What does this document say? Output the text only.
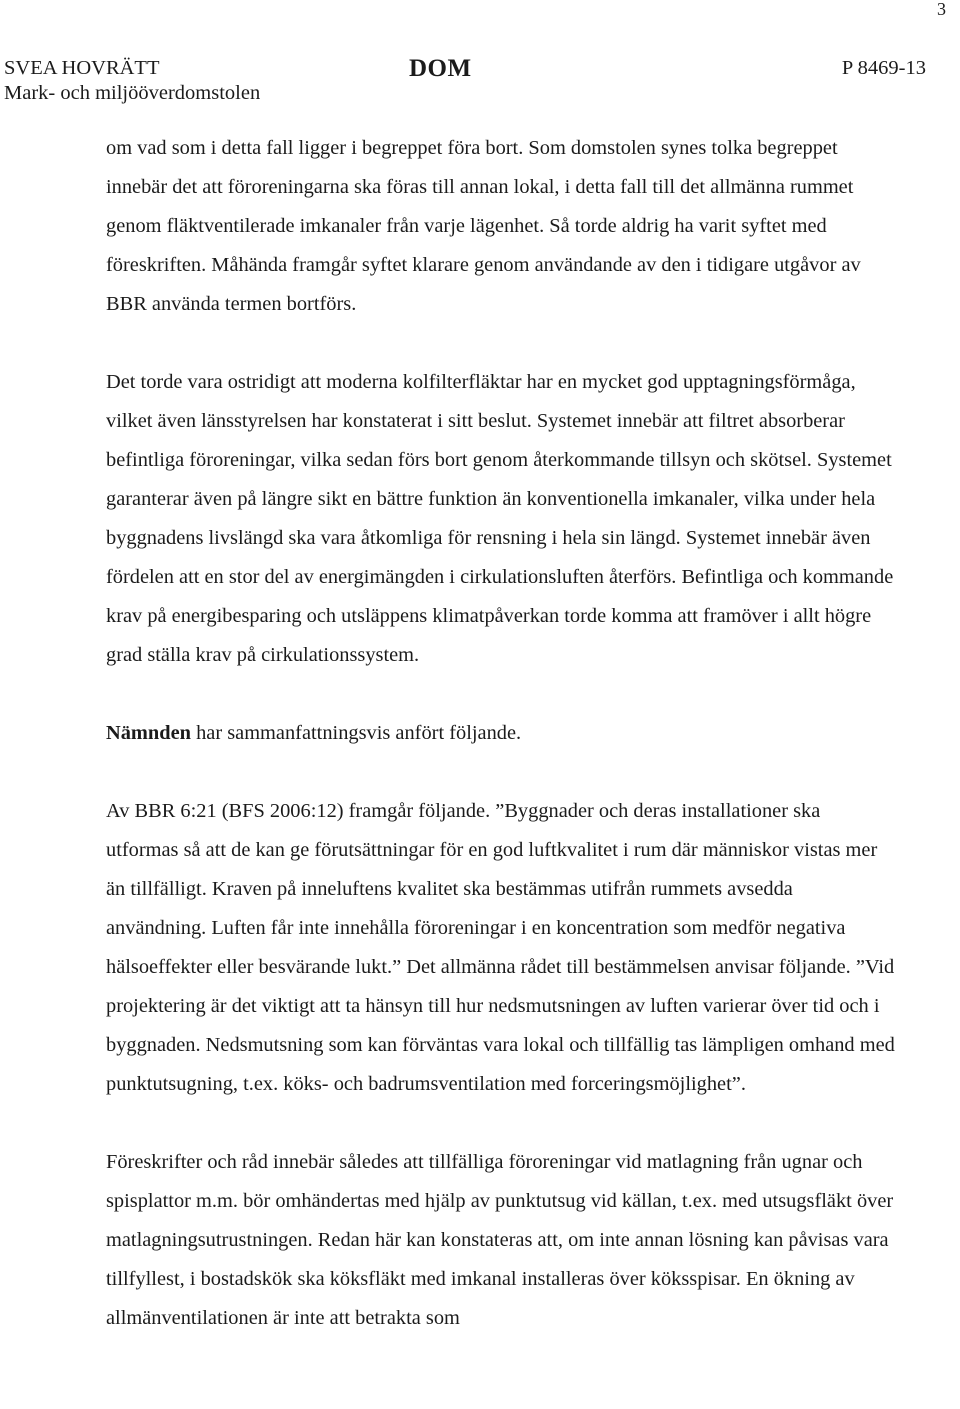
3
SVEA HOVRÄTT
Mark- och miljööverdomstolen
DOM	P 8469-13

om vad som i detta fall ligger i begreppet föra bort. Som domstolen synes tolka begreppet innebär det att föroreningarna ska föras till annan lokal, i detta fall till det allmänna rummet genom fläktventilerade imkanaler från varje lägenhet. Så torde aldrig ha varit syftet med föreskriften. Måhända framgår syftet klarare genom användande av den i tidigare utgåvor av BBR använda termen bortförs.

Det torde vara ostridigt att moderna kolfilterfläktar har en mycket god upptagningsförmåga, vilket även länsstyrelsen har konstaterat i sitt beslut. Systemet innebär att filtret absorberar befintliga föroreningar, vilka sedan förs bort genom återkommande tillsyn och skötsel. Systemet garanterar även på längre sikt en bättre funktion än konventionella imkanaler, vilka under hela byggnadens livslängd ska vara åtkomliga för rensning i hela sin längd. Systemet innebär även fördelen att en stor del av energimängden i cirkulationsluften återförs. Befintliga och kommande krav på energibesparing och utsläppens klimatpåverkan torde komma att framöver i allt högre grad ställa krav på cirkulationssystem.

Nämnden har sammanfattningsvis anfört följande.

Av BBR 6:21 (BFS 2006:12) framgår följande. ”Byggnader och deras installationer ska utformas så att de kan ge förutsättningar för en god luftkvalitet i rum där människor vistas mer än tillfälligt. Kraven på inneluftens kvalitet ska bestämmas utifrån rummets avsedda användning. Luften får inte innehålla föroreningar i en koncentration som medför negativa hälsoeffekter eller besvärande lukt.” Det allmänna rådet till bestämmelsen anvisar följande. ”Vid projektering är det viktigt att ta hänsyn till hur nedsmutsningen av luften varierar över tid och i byggnaden. Nedsmutsning som kan förväntas vara lokal och tillfällig tas lämpligen omhand med punktutsugning, t.ex. köks- och badrumsventilation med forceringsmöjlighet”.

Föreskrifter och råd innebär således att tillfälliga föroreningar vid matlagning från ugnar och spisplattor m.m. bör omhändertas med hjälp av punktutsug vid källan, t.ex. med utsugsfläkt över matlagningsutrustningen. Redan här kan konstateras att, om inte annan lösning kan påvisas vara tillfyllest, i bostadskök ska köksfläkt med imkanal installeras över köksspisar. En ökning av allmänventilationen är inte att betrakta som
